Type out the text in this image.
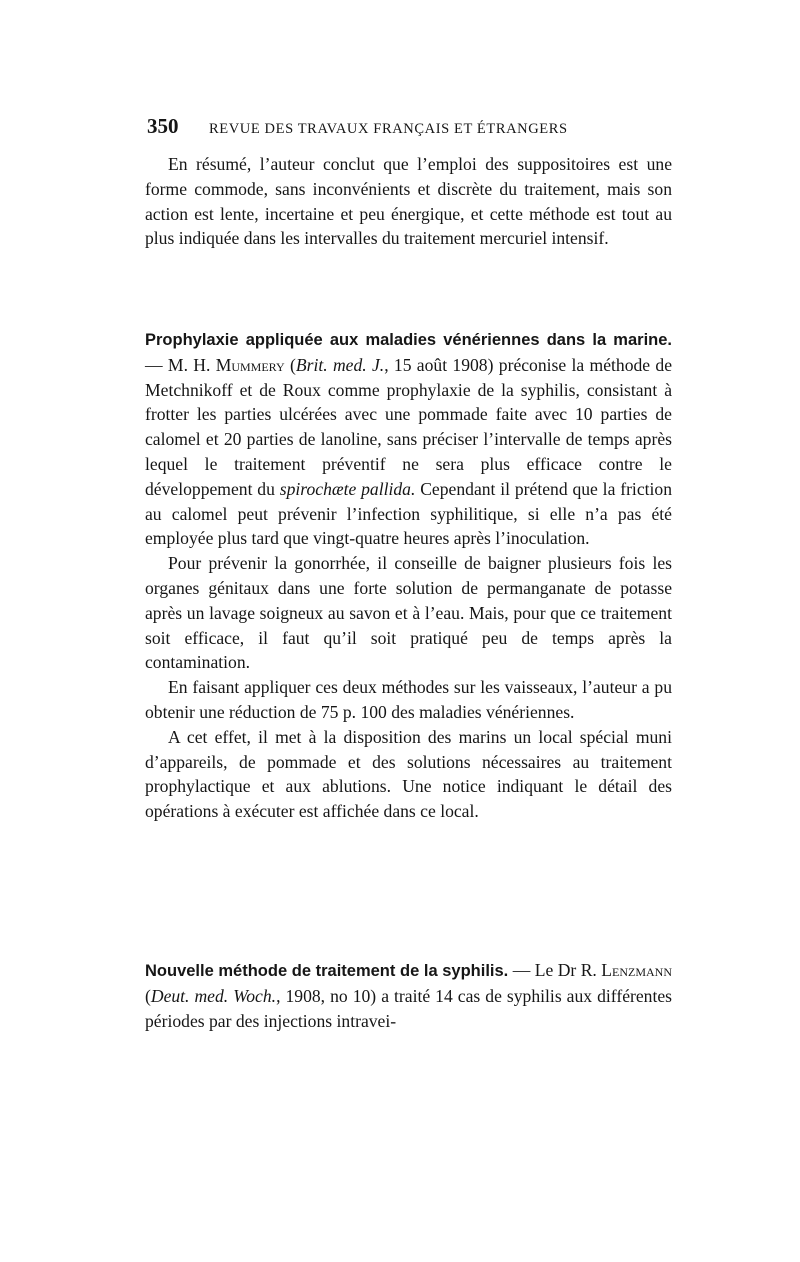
350	REVUE DES TRAVAUX FRANÇAIS ET ÉTRANGERS

En résumé, l’auteur conclut que l’emploi des suppositoires est une forme commode, sans inconvénients et discrète du traitement, mais son action est lente, incertaine et peu énergique, et cette méthode est tout au plus indiquée dans les intervalles du traitement mercuriel intensif.

Prophylaxie appliquée aux maladies vénériennes dans la marine. — M. H. Mummery (Brit. med. J., 15 août 1908) préconise la méthode de Metchnikoff et de Roux comme prophylaxie de la syphilis, consistant à frotter les parties ulcérées avec une pommade faite avec 10 parties de calomel et 20 parties de lanoline, sans préciser l’intervalle de temps après lequel le traitement préventif ne sera plus efficace contre le développement du spirochæte pallida. Cependant il prétend que la friction au calomel peut prévenir l’infection syphilitique, si elle n’a pas été employée plus tard que vingt-quatre heures après l’inoculation.

Pour prévenir la gonorrhée, il conseille de baigner plusieurs fois les organes génitaux dans une forte solution de permanganate de potasse après un lavage soigneux au savon et à l’eau. Mais, pour que ce traitement soit efficace, il faut qu’il soit pratiqué peu de temps après la contamination.

En faisant appliquer ces deux méthodes sur les vaisseaux, l’auteur a pu obtenir une réduction de 75 p. 100 des maladies vénériennes.

A cet effet, il met à la disposition des marins un local spécial muni d’appareils, de pommade et des solutions nécessaires au traitement prophylactique et aux ablutions. Une notice indiquant le détail des opérations à exécuter est affichée dans ce local.

Nouvelle méthode de traitement de la syphilis. — Le Dr R. Lenzmann (Deut. med. Woch., 1908, no 10) a traité 14 cas de syphilis aux différentes périodes par des injections intravei-
